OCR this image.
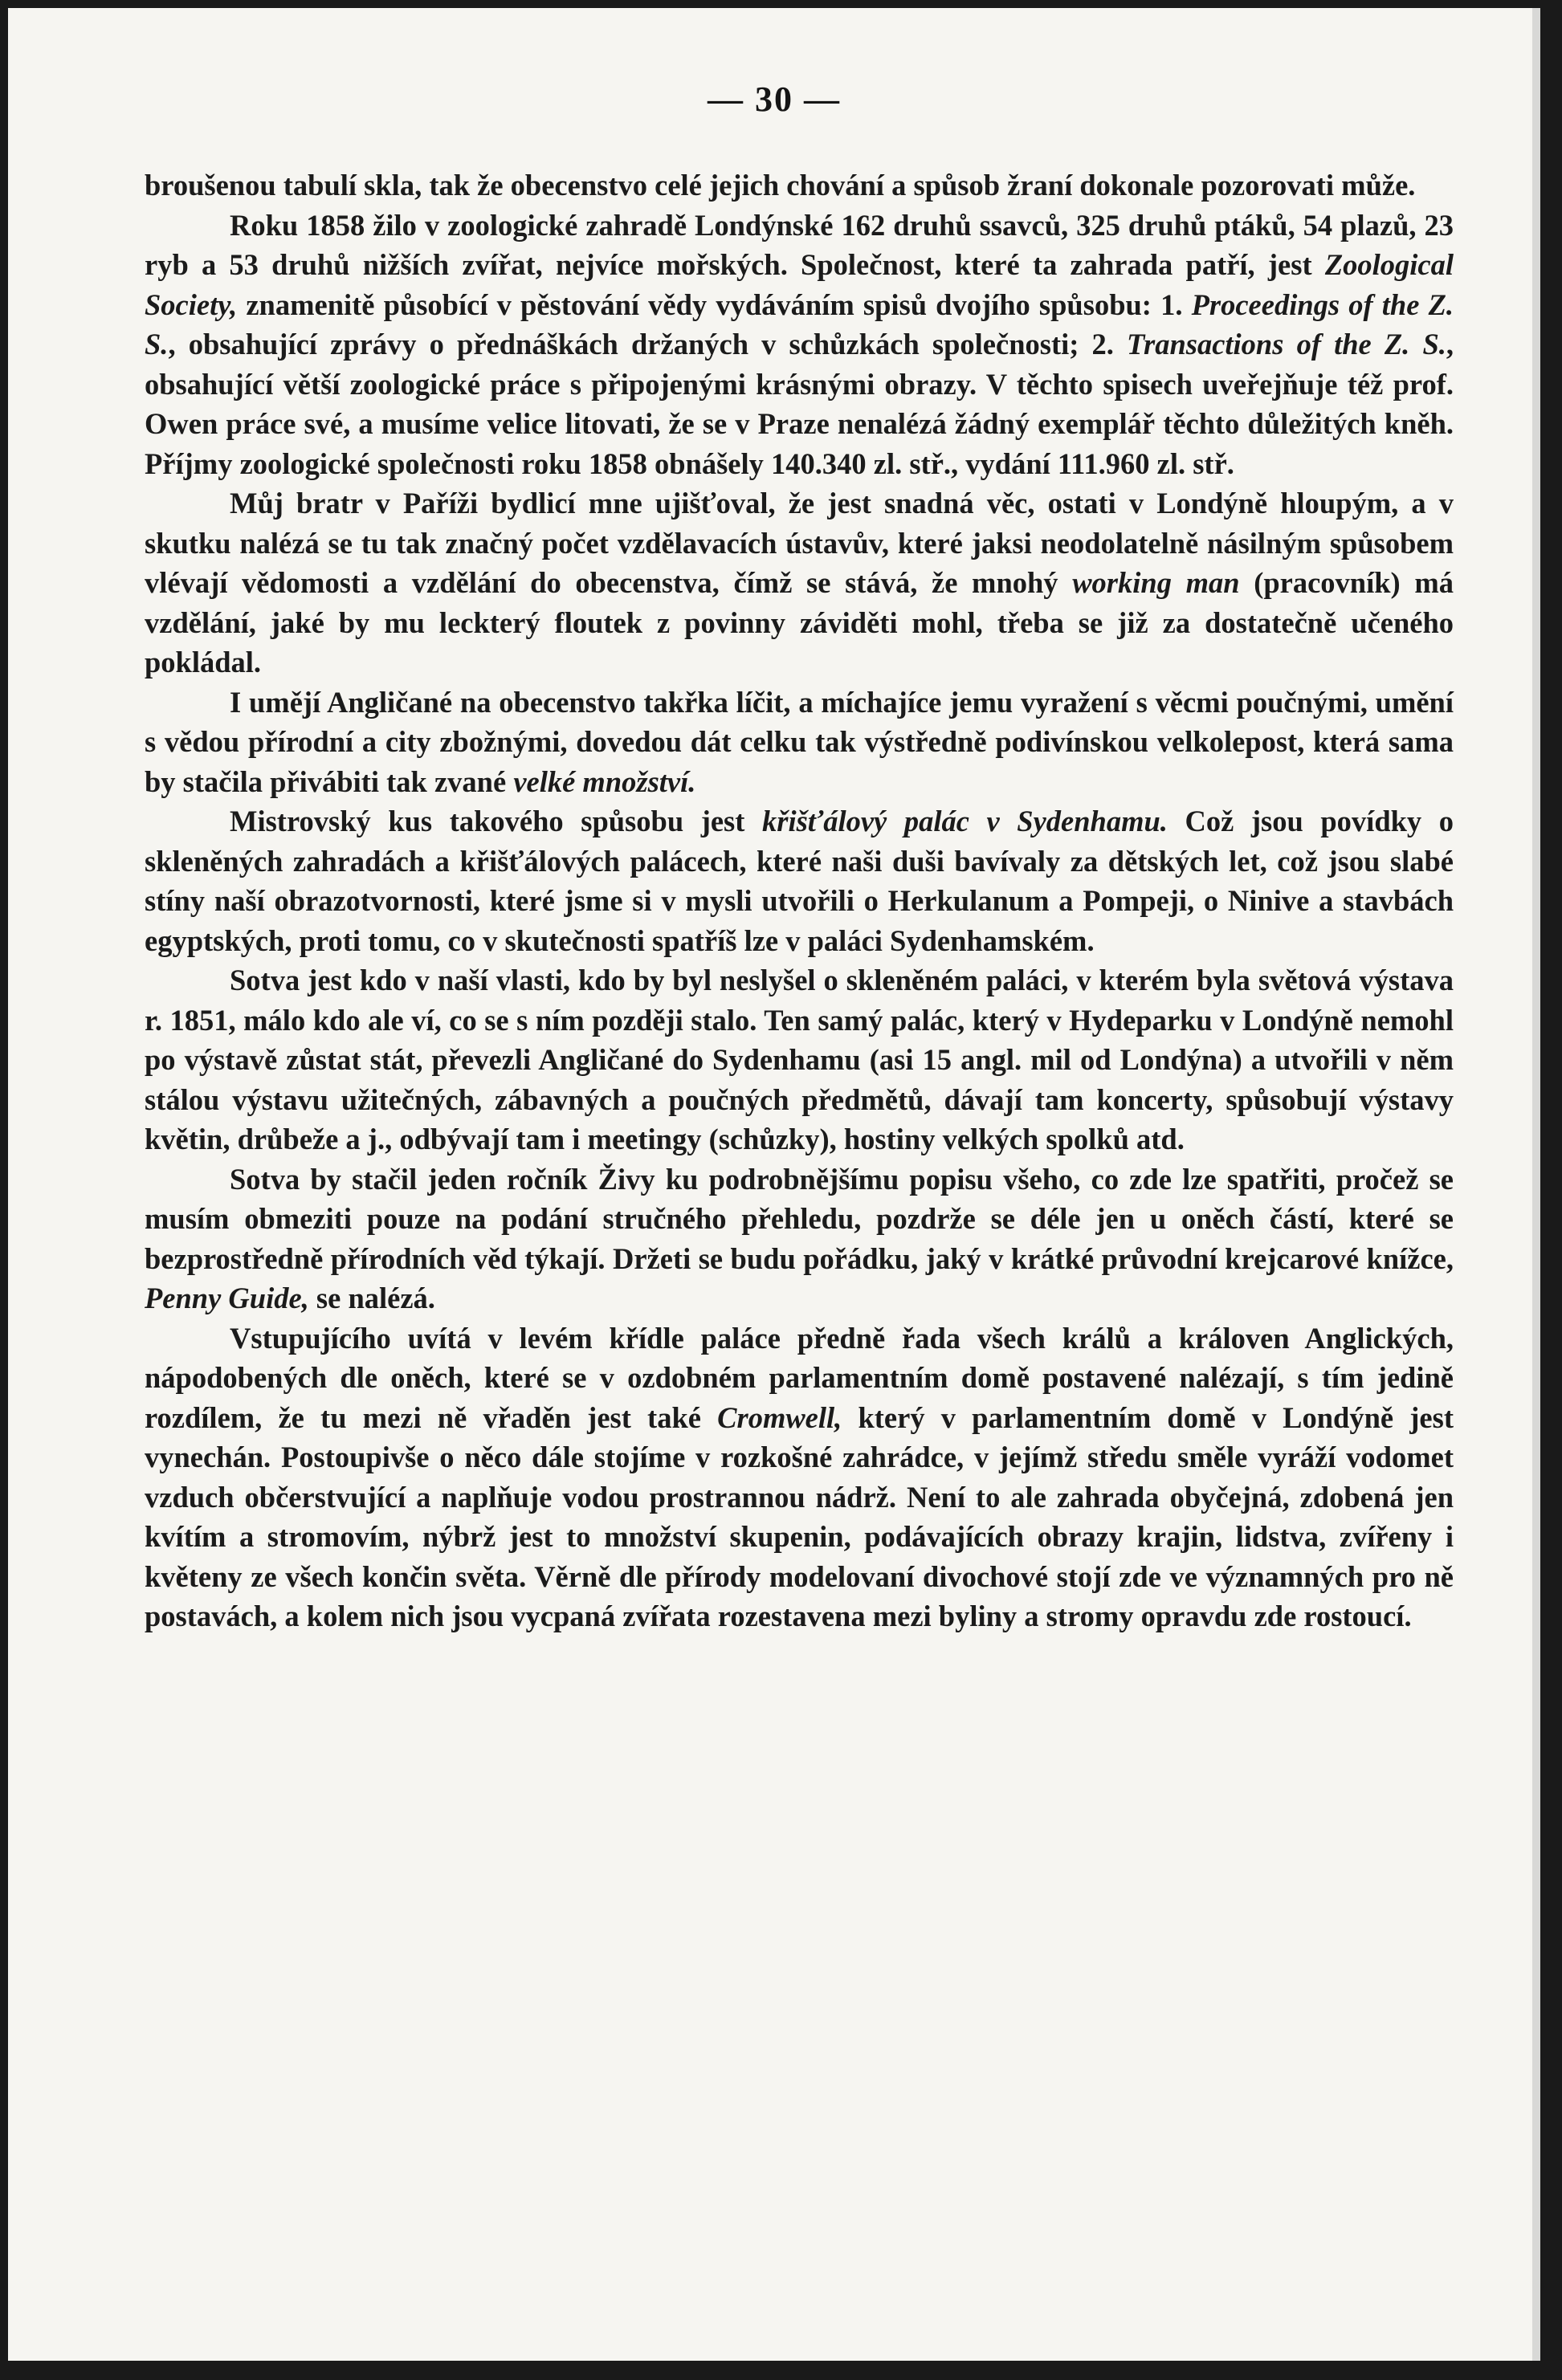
— 30 —

broušenou tabulí skla, tak že obecenstvo celé jejich chování a spůsob žraní dokonale pozorovati může.

Roku 1858 žilo v zoologické zahradě Londýnské 162 druhů ssavců, 325 druhů ptáků, 54 plazů, 23 ryb a 53 druhů nižších zvířat, nejvíce mořských. Společnost, které ta zahrada patří, jest Zoological Society, znamenitě působící v pěstování vědy vydáváním spisů dvojího spůsobu: 1. Proceedings of the Z. S., obsahující zprávy o přednáškách držaných v schůzkách společnosti; 2. Transactions of the Z. S., obsahující větší zoologické práce s připojenými krásnými obrazy. V těchto spisech uveřejňuje též prof. Owen práce své, a musíme velice litovati, že se v Praze nenalézá žádný exemplář těchto důležitých kněh. Příjmy zoologické společnosti roku 1858 obnášely 140.340 zl. stř., vydání 111.960 zl. stř.

Můj bratr v Paříži bydlicí mne ujišťoval, že jest snadná věc, ostati v Londýně hloupým, a v skutku nalézá se tu tak značný počet vzdělavacích ústavův, které jaksi neodolatelně násilným spůsobem vlévají vědomosti a vzdělání do obecenstva, čímž se stává, že mnohý working man (pracovník) má vzdělání, jaké by mu leckterý floutek z povinny záviděti mohl, třeba se již za dostatečně učeného pokládal.

I umějí Angličané na obecenstvo takřka líčit, a míchajíce jemu vyražení s věcmi poučnými, umění s vědou přírodní a city zbožnými, dovedou dát celku tak výstředně podivínskou velkolepost, která sama by stačila přivábiti tak zvané velké množství.

Mistrovský kus takového spůsobu jest křišťálový palác v Sydenhamu. Což jsou povídky o skleněných zahradách a křišťálových palácech, které naši duši bavívaly za dětských let, což jsou slabé stíny naší obrazotvornosti, které jsme si v mysli utvořili o Herkulanum a Pompeji, o Ninive a stavbách egyptských, proti tomu, co v skutečnosti spatříš lze v paláci Sydenhamském.

Sotva jest kdo v naší vlasti, kdo by byl neslyšel o skleněném paláci, v kterém byla světová výstava r. 1851, málo kdo ale ví, co se s ním později stalo. Ten samý palác, který v Hydeparku v Londýně nemohl po výstavě zůstat stát, převezli Angličané do Sydenhamu (asi 15 angl. mil od Londýna) a utvořili v něm stálou výstavu užitečných, zábavných a poučných předmětů, dávají tam koncerty, spůsobují výstavy květin, drůbeže a j., odbývají tam i meetingy (schůzky), hostiny velkých spolků atd.

Sotva by stačil jeden ročník Živy ku podrobnějšímu popisu všeho, co zde lze spatřiti, pročež se musím obmeziti pouze na podání stručného přehledu, pozdrže se déle jen u oněch částí, které se bezprostředně přírodních věd týkají. Držeti se budu pořádku, jaký v krátké průvodní krejcarové knížce, Penny Guide, se nalézá.

Vstupujícího uvítá v levém křídle paláce předně řada všech králů a královen Anglických, nápodobených dle oněch, které se v ozdobném parlamentním domě postavené nalézají, s tím jedině rozdílem, že tu mezi ně vřaděn jest také Cromwell, který v parlamentním domě v Londýně jest vynechán. Postoupivše o něco dále stojíme v rozkošné zahrádce, v jejímž středu směle vyráží vodomet vzduch občerstvující a naplňuje vodou prostrannou nádrž. Není to ale zahrada obyčejná, zdobená jen kvítím a stromovím, nýbrž jest to množství skupenin, podávajících obrazy krajin, lidstva, zvířeny i květeny ze všech končin světa. Věrně dle přírody modelovaní divochové stojí zde ve významných pro ně postavách, a kolem nich jsou vycpaná zvířata rozestavena mezi byliny a stromy opravdu zde rostoucí.
